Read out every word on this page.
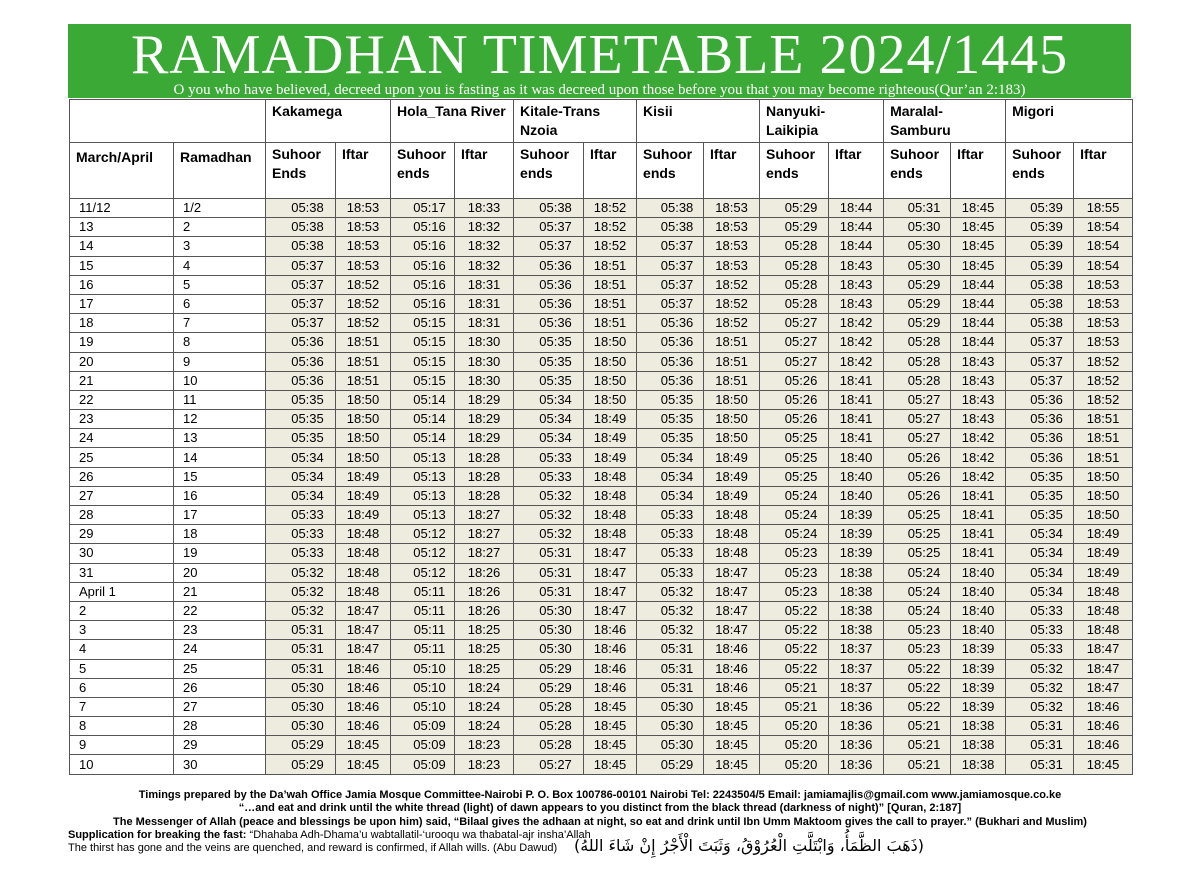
RAMADHAN TIMETABLE 2024/1445
O you who have believed, decreed upon you is fasting as it was decreed upon those before you that you may become righteous(Qur’an 2:183)
		Kakamega		Hola_Tana River		Kitale-Trans Nzoia		Kisii		Nanyuki-Laikipia		Maralal-Samburu		Migori	
March/April	Ramadhan	Suhoor Ends	Iftar	Suhoor ends	Iftar	Suhoor ends	Iftar	Suhoor ends	Iftar	Suhoor ends	Iftar	Suhoor ends	Iftar	Suhoor ends	Iftar
11/12	1/2	05:38	18:53	05:17	18:33	05:38	18:52	05:38	18:53	05:29	18:44	05:31	18:45	05:39	18:55
13	2	05:38	18:53	05:16	18:32	05:37	18:52	05:38	18:53	05:29	18:44	05:30	18:45	05:39	18:54
14	3	05:38	18:53	05:16	18:32	05:37	18:52	05:37	18:53	05:28	18:44	05:30	18:45	05:39	18:54
15	4	05:37	18:53	05:16	18:32	05:36	18:51	05:37	18:53	05:28	18:43	05:30	18:45	05:39	18:54
16	5	05:37	18:52	05:16	18:31	05:36	18:51	05:37	18:52	05:28	18:43	05:29	18:44	05:38	18:53
17	6	05:37	18:52	05:16	18:31	05:36	18:51	05:37	18:52	05:28	18:43	05:29	18:44	05:38	18:53
18	7	05:37	18:52	05:15	18:31	05:36	18:51	05:36	18:52	05:27	18:42	05:29	18:44	05:38	18:53
19	8	05:36	18:51	05:15	18:30	05:35	18:50	05:36	18:51	05:27	18:42	05:28	18:44	05:37	18:53
20	9	05:36	18:51	05:15	18:30	05:35	18:50	05:36	18:51	05:27	18:42	05:28	18:43	05:37	18:52
21	10	05:36	18:51	05:15	18:30	05:35	18:50	05:36	18:51	05:26	18:41	05:28	18:43	05:37	18:52
22	11	05:35	18:50	05:14	18:29	05:34	18:50	05:35	18:50	05:26	18:41	05:27	18:43	05:36	18:52
23	12	05:35	18:50	05:14	18:29	05:34	18:49	05:35	18:50	05:26	18:41	05:27	18:43	05:36	18:51
24	13	05:35	18:50	05:14	18:29	05:34	18:49	05:35	18:50	05:25	18:41	05:27	18:42	05:36	18:51
25	14	05:34	18:50	05:13	18:28	05:33	18:49	05:34	18:49	05:25	18:40	05:26	18:42	05:36	18:51
26	15	05:34	18:49	05:13	18:28	05:33	18:48	05:34	18:49	05:25	18:40	05:26	18:42	05:35	18:50
27	16	05:34	18:49	05:13	18:28	05:32	18:48	05:34	18:49	05:24	18:40	05:26	18:41	05:35	18:50
28	17	05:33	18:49	05:13	18:27	05:32	18:48	05:33	18:48	05:24	18:39	05:25	18:41	05:35	18:50
29	18	05:33	18:48	05:12	18:27	05:32	18:48	05:33	18:48	05:24	18:39	05:25	18:41	05:34	18:49
30	19	05:33	18:48	05:12	18:27	05:31	18:47	05:33	18:48	05:23	18:39	05:25	18:41	05:34	18:49
31	20	05:32	18:48	05:12	18:26	05:31	18:47	05:33	18:47	05:23	18:38	05:24	18:40	05:34	18:49
April 1	21	05:32	18:48	05:11	18:26	05:31	18:47	05:32	18:47	05:23	18:38	05:24	18:40	05:34	18:48
2	22	05:32	18:47	05:11	18:26	05:30	18:47	05:32	18:47	05:22	18:38	05:24	18:40	05:33	18:48
3	23	05:31	18:47	05:11	18:25	05:30	18:46	05:32	18:47	05:22	18:38	05:23	18:40	05:33	18:48
4	24	05:31	18:47	05:11	18:25	05:30	18:46	05:31	18:46	05:22	18:37	05:23	18:39	05:33	18:47
5	25	05:31	18:46	05:10	18:25	05:29	18:46	05:31	18:46	05:22	18:37	05:22	18:39	05:32	18:47
6	26	05:30	18:46	05:10	18:24	05:29	18:46	05:31	18:46	05:21	18:37	05:22	18:39	05:32	18:47
7	27	05:30	18:46	05:10	18:24	05:28	18:45	05:30	18:45	05:21	18:36	05:22	18:39	05:32	18:46
8	28	05:30	18:46	05:09	18:24	05:28	18:45	05:30	18:45	05:20	18:36	05:21	18:38	05:31	18:46
9	29	05:29	18:45	05:09	18:23	05:28	18:45	05:30	18:45	05:20	18:36	05:21	18:38	05:31	18:46
10	30	05:29	18:45	05:09	18:23	05:27	18:45	05:29	18:45	05:20	18:36	05:21	18:38	05:31	18:45
Timings prepared by the Da’wah Office Jamia Mosque Committee-Nairobi P. O. Box 100786-00101 Nairobi Tel: 2243504/5 Email: jamiamajlis@gmail.com www.jamiamosque.co.ke
“…and eat and drink until the white thread (light) of dawn appears to you distinct from the black thread (darkness of night)” [Quran, 2:187]
The Messenger of Allah (peace and blessings be upon him) said, “Bilaal gives the adhaan at night, so eat and drink until Ibn Umm Maktoom gives the call to prayer.” (Bukhari and Muslim)
Supplication for breaking the fast: “Dhahaba Adh-Dhama’u wabtallatil-‘urooqu wa thabatal-ajr insha’Allah
The thirst has gone and the veins are quenched, and reward is confirmed, if Allah wills. (Abu Dawud) (ذَهَبَ الظَّمَأُ، وَابْتَلَّتِ الْعُرُوْقُ، وَثَبَتَ الْأَجْرُ إِنْ شَاءَ اللهُ)
